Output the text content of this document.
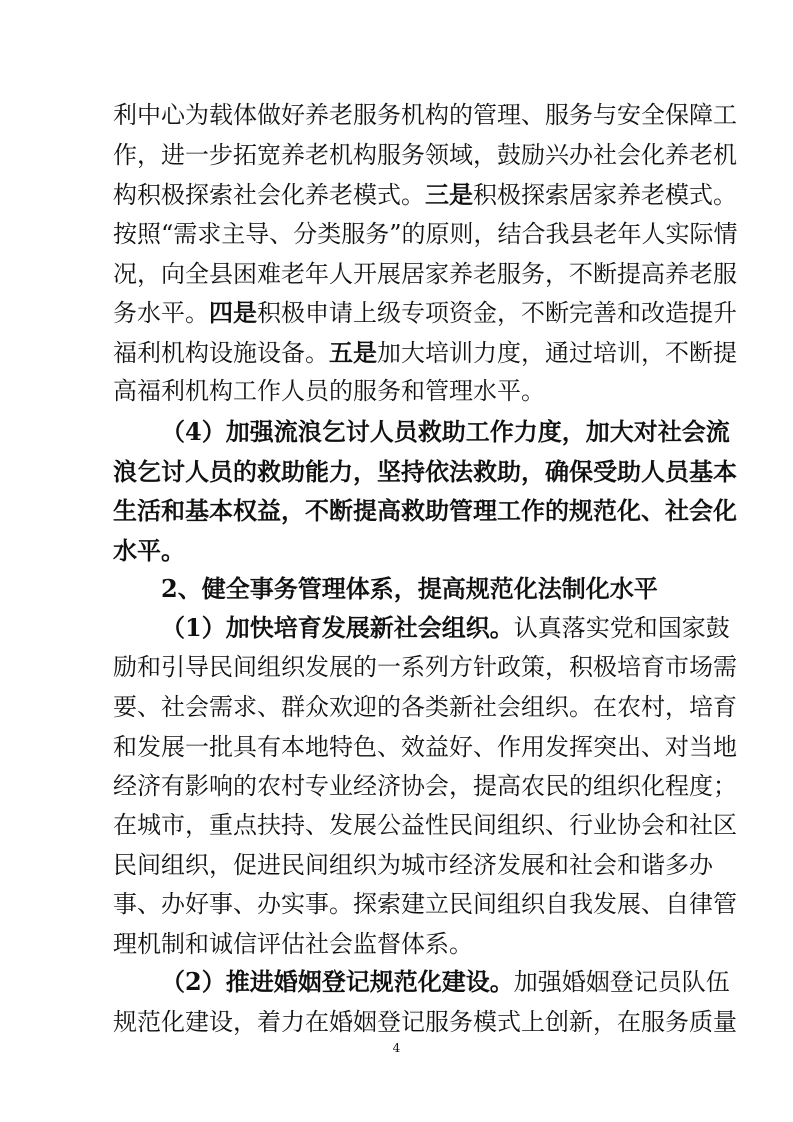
利中心为载体做好养老服务机构的管理、服务与安全保障工
作，进一步拓宽养老机构服务领域，鼓励兴办社会化养老机
构积极探索社会化养老模式。三是积极探索居家养老模式。
按照“需求主导、分类服务”的原则，结合我县老年人实际情
况，向全县困难老年人开展居家养老服务，不断提高养老服
务水平。四是积极申请上级专项资金，不断完善和改造提升
福利机构设施设备。五是加大培训力度，通过培训，不断提
高福利机构工作人员的服务和管理水平。
（4）加强流浪乞讨人员救助工作力度，加大对社会流
浪乞讨人员的救助能力，坚持依法救助，确保受助人员基本
生活和基本权益，不断提高救助管理工作的规范化、社会化
水平。
2、健全事务管理体系，提高规范化法制化水平
（1）加快培育发展新社会组织。认真落实党和国家鼓
励和引导民间组织发展的一系列方针政策，积极培育市场需
要、社会需求、群众欢迎的各类新社会组织。在农村，培育
和发展一批具有本地特色、效益好、作用发挥突出、对当地
经济有影响的农村专业经济协会，提高农民的组织化程度；
在城市，重点扶持、发展公益性民间组织、行业协会和社区
民间组织，促进民间组织为城市经济发展和社会和谐多办
事、办好事、办实事。探索建立民间组织自我发展、自律管
理机制和诚信评估社会监督体系。
（2）推进婚姻登记规范化建设。加强婚姻登记员队伍
规范化建设，着力在婚姻登记服务模式上创新，在服务质量
4
